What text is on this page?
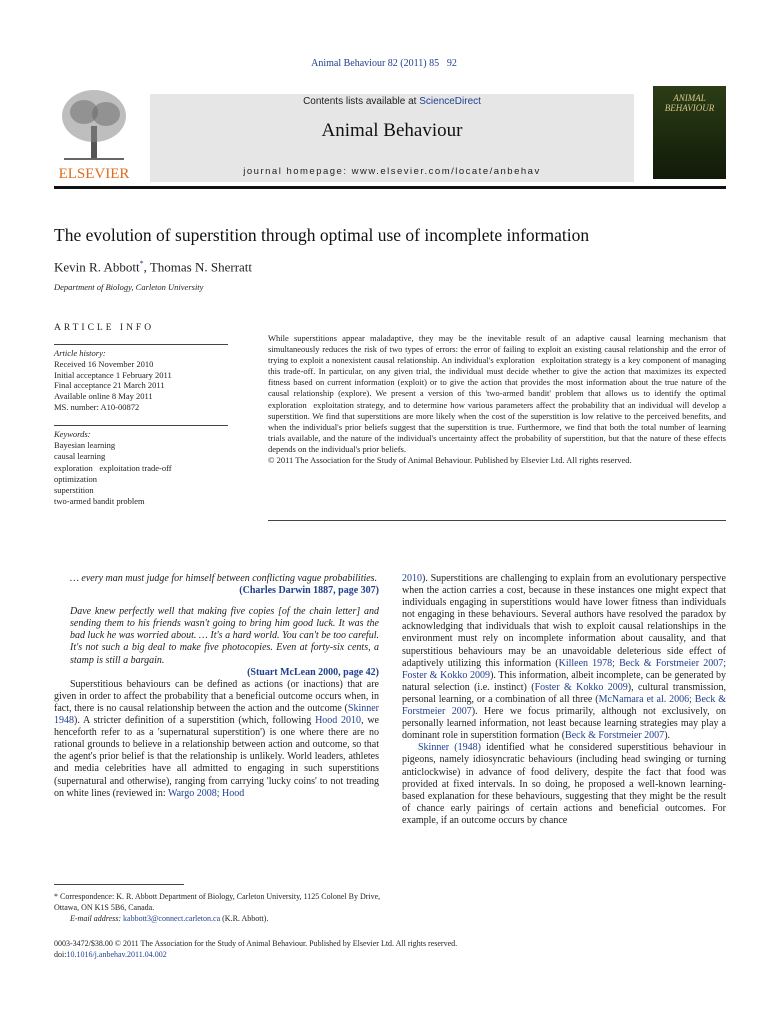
Animal Behaviour 82 (2011) 85 92
ELSEVIER
Contents lists available at ScienceDirect
Animal Behaviour
journal homepage: www.elsevier.com/locate/anbehav
ANIMAL
BEHAVIOUR
The evolution of superstition through optimal use of incomplete information
Kevin R. Abbott*, Thomas N. Sherratt
Department of Biology, Carleton University
ARTICLE INFO
Article history:
Received 16 November 2010
Initial acceptance 1 February 2011
Final acceptance 21 March 2011
Available online 8 May 2011
MS. number: A10-00872
Keywords:
Bayesian learning
causal learning
exploration exploitation trade-off
optimization
superstition
two-armed bandit problem

While superstitions appear maladaptive, they may be the inevitable result of an adaptive causal learning mechanism that simultaneously reduces the risk of two types of errors: the error of failing to exploit an existing causal relationship and the error of trying to exploit a nonexistent causal relationship. An individual's exploration exploitation strategy is a key component of managing this trade-off. In particular, on any given trial, the individual must decide whether to give the action that maximizes its expected fitness based on current information (exploit) or to give the action that provides the most information about the true nature of the causal relationship (explore). We present a version of this 'two-armed bandit' problem that allows us to identify the optimal exploration exploitation strategy, and to determine how various parameters affect the probability that an individual will develop a superstition. We find that superstitions are more likely when the cost of the superstition is low relative to the perceived benefits, and when the individual's prior beliefs suggest that the superstition is true. Furthermore, we find that both the total number of learning trials available, and the nature of the individual's uncertainty affect the probability of superstition, but that the nature of these effects depends on the individual's prior beliefs.

© 2011 The Association for the Study of Animal Behaviour. Published by Elsevier Ltd. All rights reserved.

… every man must judge for himself between conflicting vague probabilities.

(Charles Darwin 1887, page 307)

Dave knew perfectly well that making five copies [of the chain letter] and sending them to his friends wasn't going to bring him good luck. It was the bad luck he was worried about. … It's a hard world. You can't be too careful. It's not such a big deal to make five photocopies. Even at forty-six cents, a stamp is still a bargain.

(Stuart McLean 2000, page 42)

Superstitious behaviours can be defined as actions (or inactions) that are given in order to affect the probability that a beneficial outcome occurs when, in fact, there is no causal relationship between the action and the outcome (Skinner 1948). A stricter definition of a superstition (which, following Hood 2010, we henceforth refer to as a 'supernatural superstition') is one where there are no rational grounds to believe in a relationship between action and outcome, so that the agent's prior belief is that the relationship is unlikely. World leaders, athletes and media celebrities have all admitted to engaging in such superstitions (supernatural and otherwise), ranging from carrying 'lucky coins' to not treading on white lines (reviewed in: Wargo 2008; Hood

2010). Superstitions are challenging to explain from an evolutionary perspective when the action carries a cost, because in these instances one might expect that individuals engaging in superstitions would have lower fitness than individuals not engaging in these behaviours. Several authors have resolved the paradox by acknowledging that individuals that wish to exploit causal relationships in the environment must rely on incomplete information about causality, and that superstitious behaviours may be an unavoidable deleterious side effect of adaptively utilizing this information (Killeen 1978; Beck & Forstmeier 2007; Foster & Kokko 2009). This information, albeit incomplete, can be generated by natural selection (i.e. instinct) (Foster & Kokko 2009), cultural transmission, personal learning, or a combination of all three (McNamara et al. 2006; Beck & Forstmeier 2007). Here we focus primarily, although not exclusively, on personally learned information, not least because learning strategies may play a dominant role in superstition formation (Beck & Forstmeier 2007).

Skinner (1948) identified what he considered superstitious behaviour in pigeons, namely idiosyncratic behaviours (including head swinging or turning anticlockwise) in advance of food delivery, despite the fact that food was provided at fixed intervals. In so doing, he proposed a well-known learning-based explanation for these behaviours, suggesting that they might be the result of chance early pairings of certain actions and beneficial outcomes. For example, if an outcome occurs by chance

* Correspondence: K. R. Abbott Department of Biology, Carleton University, 1125 Colonel By Drive, Ottawa, ON K1S 5B6, Canada.
E-mail address: kabbott3@connect.carleton.ca (K.R. Abbott).
0003-3472/$38.00 © 2011 The Association for the Study of Animal Behaviour. Published by Elsevier Ltd. All rights reserved.
doi:10.1016/j.anbehav.2011.04.002
